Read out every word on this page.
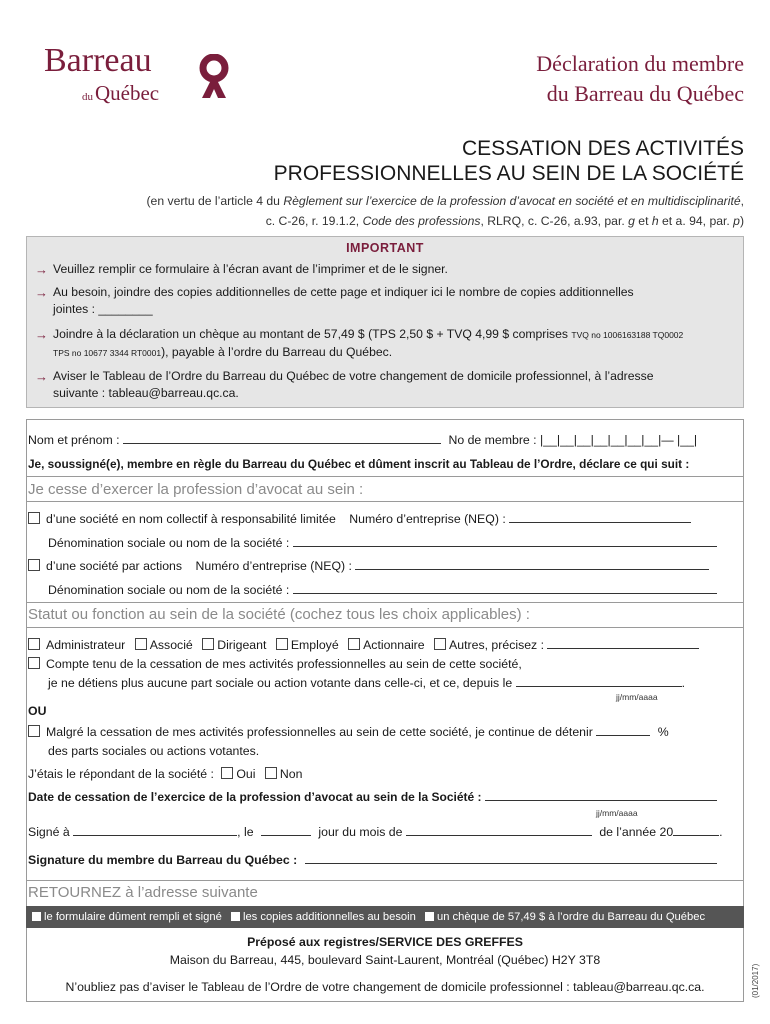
Barreau
duQuébec
Déclaration du membre
du Barreau du Québec
CESSATION DES ACTIVITÉS
PROFESSIONNELLES AU SEIN DE LA SOCIÉTÉ
(en vertu de l’article 4 du Règlement sur l’exercice de la profession d’avocat en société et en multidisciplinarité,
c. C-26, r. 19.1.2, Code des professions, RLRQ, c. C-26, a.93, par. g et h et a. 94, par. p)
IMPORTANT
→ Veuillez remplir ce formulaire à l’écran avant de l’imprimer et de le signer.
→ Au besoin, joindre des copies additionnelles de cette page et indiquer ici le nombre de copies additionnelles
jointes : ________
→ Joindre à la déclaration un chèque au montant de 57,49 $ (TPS 2,50 $ + TVQ 4,99 $ comprises TVQ no 1006163188 TQ0002
TPS no 10677 3344 RT0001), payable à l’ordre du Barreau du Québec.
→ Aviser le Tableau de l’Ordre du Barreau du Québec de votre changement de domicile professionnel, à l’adresse
suivante : tableau@barreau.qc.ca.
Nom et prénom :	No de membre : |__|__|__|__|__|__|__|— |__|
Je, soussigné(e), membre en règle du Barreau du Québec et dûment inscrit au Tableau de l’Ordre, déclare ce qui suit :
Je cesse d’exercer la profession d’avocat au sein :
d’une société en nom collectif à responsabilité limitée Numéro d’entreprise (NEQ) :
Dénomination sociale ou nom de la société :
d’une société par actions Numéro d’entreprise (NEQ) :
Dénomination sociale ou nom de la société :
Statut ou fonction au sein de la société (cochez tous les choix applicables) :
Administrateur Associé Dirigeant Employé Actionnaire Autres, précisez :
Compte tenu de la cessation de mes activités professionnelles au sein de cette société,
je ne détiens plus aucune part sociale ou action votante dans celle-ci, et ce, depuis le	.
jj/mm/aaaa
OU
Malgré la cessation de mes activités professionnelles au sein de cette société, je continue de détenir	%
des parts sociales ou actions votantes.
J’étais le répondant de la société : Oui Non
Date de cessation de l’exercice de la profession d’avocat au sein de la Société :
jj/mm/aaaa
Signé à	, le	jour du mois de	de l’année 20	.
Signature du membre du Barreau du Québec :
RETOURNEZ à l’adresse suivante
le formulaire dûment rempli et signé les copies additionnelles au besoin un chèque de 57,49 $ à l’ordre du Barreau du Québec
Préposé aux registres/SERVICE DES GREFFES
Maison du Barreau, 445, boulevard Saint-Laurent, Montréal (Québec) H2Y 3T8
N’oubliez pas d’aviser le Tableau de l’Ordre de votre changement de domicile professionnel : tableau@barreau.qc.ca.	(01/2017)
